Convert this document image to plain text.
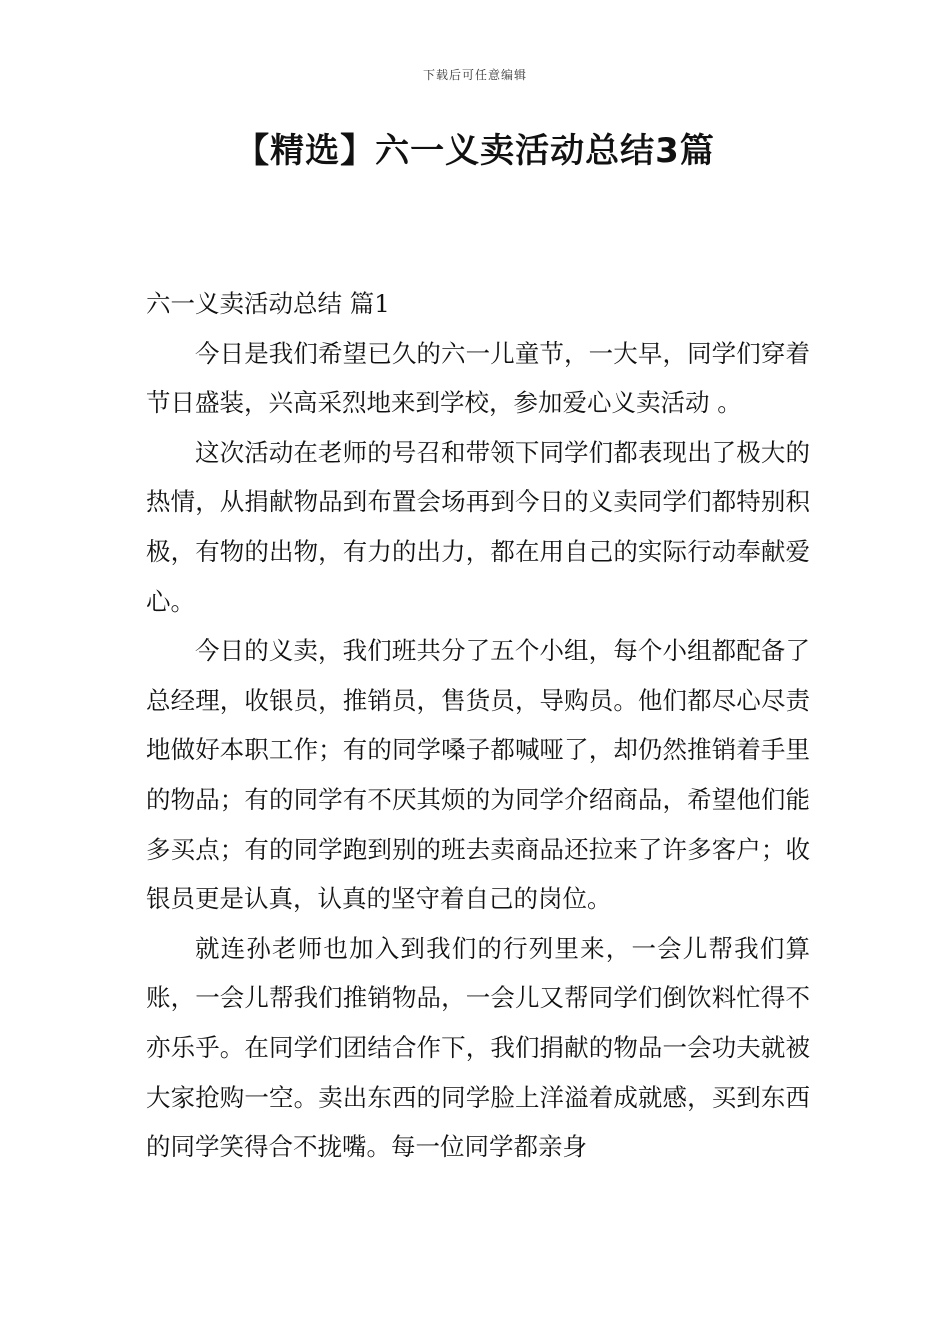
下载后可任意编辑
【精选】六一义卖活动总结3篇
六一义卖活动总结 篇1

今日是我们希望已久的六一儿童节，一大早，同学们穿着节日盛装，兴高采烈地来到学校，参加爱心义卖活动 。

这次活动在老师的号召和带领下同学们都表现出了极大的热情，从捐献物品到布置会场再到今日的义卖同学们都特别积极，有物的出物，有力的出力，都在用自己的实际行动奉献爱心。

今日的义卖，我们班共分了五个小组，每个小组都配备了总经理，收银员，推销员，售货员，导购员。他们都尽心尽责地做好本职工作；有的同学嗓子都喊哑了，却仍然推销着手里的物品；有的同学有不厌其烦的为同学介绍商品，希望他们能多买点；有的同学跑到别的班去卖商品还拉来了许多客户；收银员更是认真，认真的坚守着自己的岗位。

就连孙老师也加入到我们的行列里来，一会儿帮我们算账，一会儿帮我们推销物品，一会儿又帮同学们倒饮料忙得不亦乐乎。在同学们团结合作下，我们捐献的物品一会功夫就被大家抢购一空。卖出东西的同学脸上洋溢着成就感，买到东西的同学笑得合不拢嘴。每一位同学都亲身
